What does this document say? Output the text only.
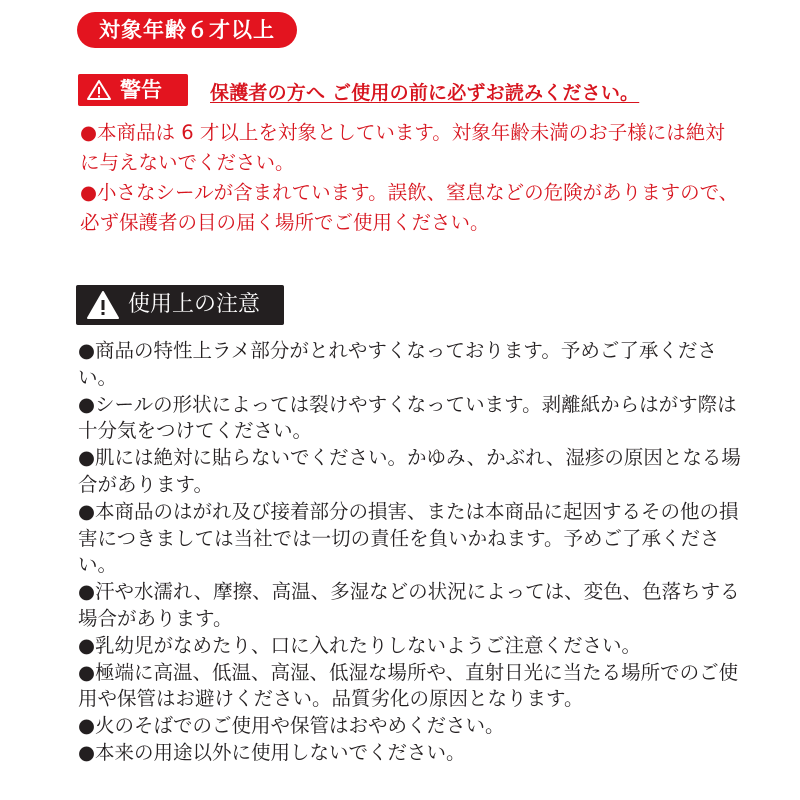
対象年齢６才以上
警告	保護者の方へ ご使用の前に必ずお読みください。

●本商品は 6 才以上を対象としています。対象年齢未満のお子様には絶対に与えないでください。

●小さなシールが含まれています。誤飲、窒息などの危険がありますので、必ず保護者の目の届く場所でご使用ください。

使用上の注意

●商品の特性上ラメ部分がとれやすくなっております。予めご了承ください。

●シールの形状によっては裂けやすくなっています。剥離紙からはがす際は十分気をつけてください。

●肌には絶対に貼らないでください。かゆみ、かぶれ、湿疹の原因となる場合があります。

●本商品のはがれ及び接着部分の損害、または本商品に起因するその他の損害につきましては当社では一切の責任を負いかねます。予めご了承ください。

●汗や水濡れ、摩擦、高温、多湿などの状況によっては、変色、色落ちする場合があります。

●乳幼児がなめたり、口に入れたりしないようご注意ください。

●極端に高温、低温、高湿、低湿な場所や、直射日光に当たる場所でのご使用や保管はお避けください。品質劣化の原因となります。

●火のそばでのご使用や保管はおやめください。

●本来の用途以外に使用しないでください。
